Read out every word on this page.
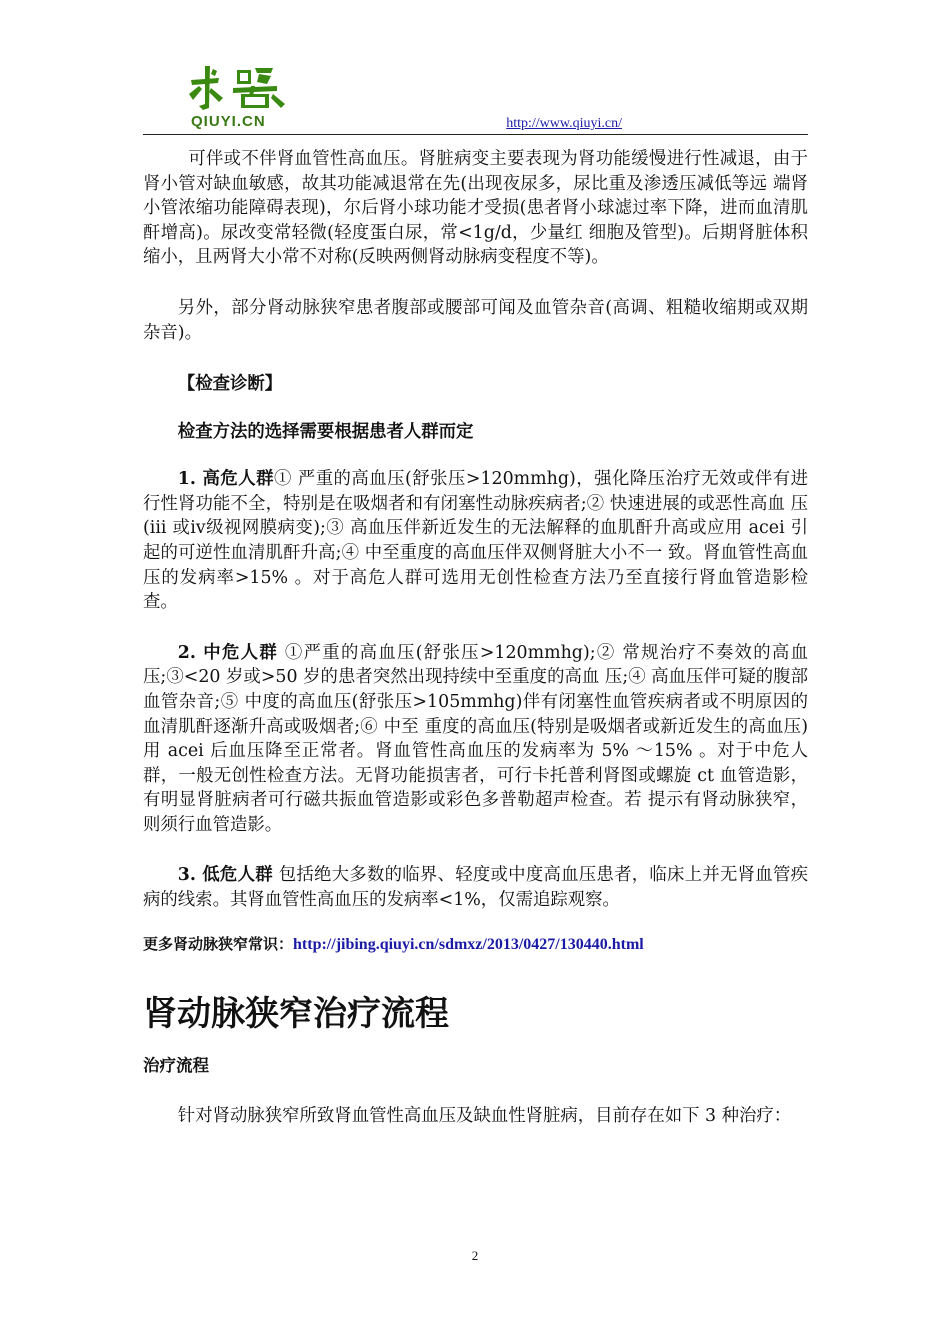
QIUYI.CN	http://www.qiuyi.cn/

可伴或不伴肾血管性高血压。肾脏病变主要表现为肾功能缓慢进行性减退，由于肾小管对缺血敏感，故其功能减退常在先(出现夜尿多，尿比重及渗透压减低等远 端肾小管浓缩功能障碍表现)，尔后肾小球功能才受损(患者肾小球滤过率下降，进而血清肌酐增高)。尿改变常轻微(轻度蛋白尿，常<1g/d，少量红 细胞及管型)。后期肾脏体积缩小，且两肾大小常不对称(反映两侧肾动脉病变程度不等)。

另外，部分肾动脉狭窄患者腹部或腰部可闻及血管杂音(高调、粗糙收缩期或双期杂音)。

【检查诊断】

检查方法的选择需要根据患者人群而定

1. 高危人群① 严重的高血压(舒张压>120mmhg)，强化降压治疗无效或伴有进行性肾功能不全，特别是在吸烟者和有闭塞性动脉疾病者;② 快速进展的或恶性高血 压(iii 或ⅳ级视网膜病变);③ 高血压伴新近发生的无法解释的血肌酐升高或应用 acei 引起的可逆性血清肌酐升高;④ 中至重度的高血压伴双侧肾脏大小不一 致。肾血管性高血压的发病率>15% 。对于高危人群可选用无创性检查方法乃至直接行肾血管造影检查。

2. 中危人群 ①严重的高血压(舒张压>120mmhg);② 常规治疗不奏效的高血压;③<20 岁或>50 岁的患者突然出现持续中至重度的高血 压;④ 高血压伴可疑的腹部血管杂音;⑤ 中度的高血压(舒张压>105mmhg)伴有闭塞性血管疾病者或不明原因的血清肌酐逐渐升高或吸烟者;⑥ 中至 重度的高血压(特别是吸烟者或新近发生的高血压)用 acei 后血压降至正常者。肾血管性高血压的发病率为 5% ～15% 。对于中危人群，一般无创性检查方法。无肾功能损害者，可行卡托普利肾图或螺旋 ct 血管造影，有明显肾脏病者可行磁共振血管造影或彩色多普勒超声检查。若 提示有肾动脉狭窄，则须行血管造影。

3. 低危人群 包括绝大多数的临界、轻度或中度高血压患者，临床上并无肾血管疾病的线索。其肾血管性高血压的发病率<1%，仅需追踪观察。

更多肾动脉狭窄常识：http://jibing.qiuyi.cn/sdmxz/2013/0427/130440.html

肾动脉狭窄治疗流程

治疗流程

针对肾动脉狭窄所致肾血管性高血压及缺血性肾脏病，目前存在如下 3 种治疗：

2
